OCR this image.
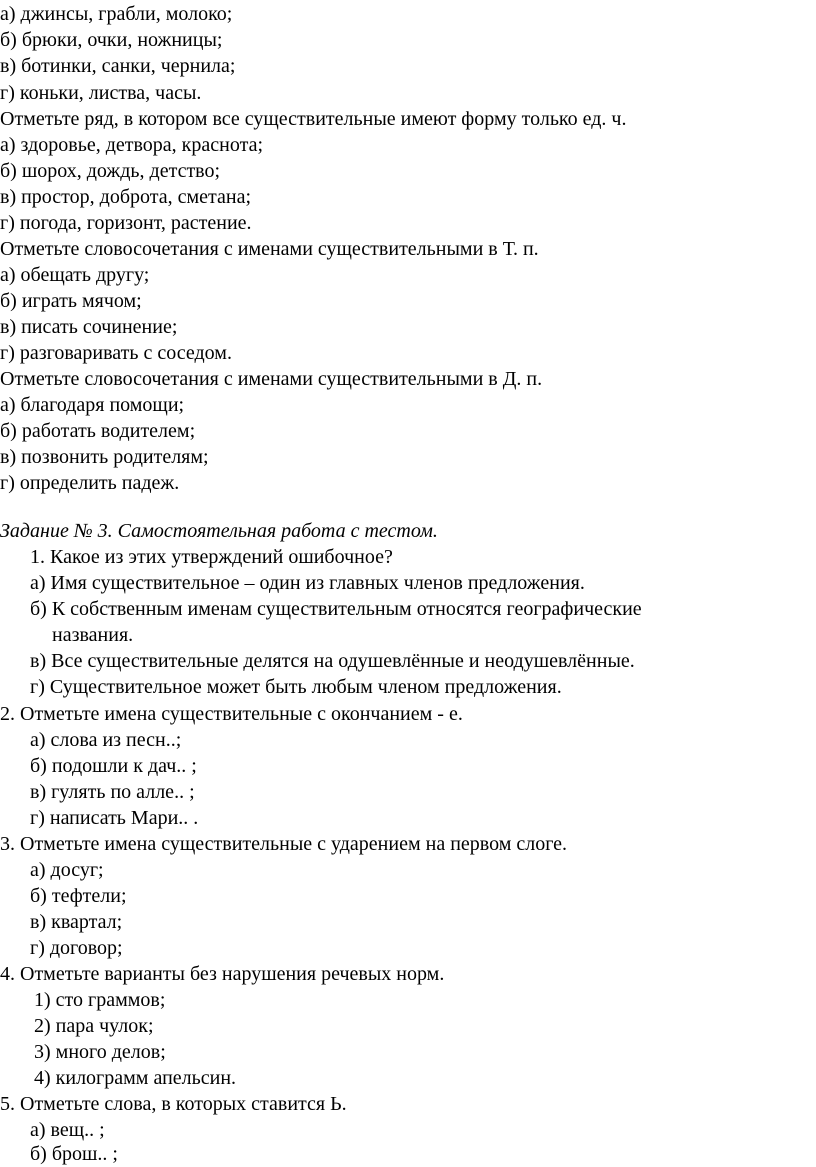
а) джинсы, грабли, молоко;
б) брюки, очки, ножницы;
в) ботинки, санки, чернила;
г) коньки, листва, часы.
Отметьте ряд, в котором все существительные имеют форму только ед. ч.
а) здоровье, детвора, краснота;
б) шорох, дождь, детство;
в) простор, доброта, сметана;
г) погода, горизонт, растение.
Отметьте словосочетания с именами существительными в Т. п.
а) обещать другу;
б) играть мячом;
в) писать сочинение;
г) разговаривать с соседом.
Отметьте словосочетания с именами существительными в Д. п.
а) благодаря помощи;
б) работать водителем;
в) позвонить родителям;
г) определить падеж.
Задание № 3. Самостоятельная работа с тестом.
1. Какое из этих утверждений ошибочное?
а) Имя существительное – один из главных членов предложения.
б) К собственным именам существительным относятся географические
названия.
в) Все существительные делятся на одушевлённые и неодушевлённые.
г) Существительное может быть любым членом предложения.
2. Отметьте имена существительные с окончанием - е.
а) слова из песн..;
б) подошли к дач.. ;
в) гулять по алле.. ;
г) написать Мари.. .
3. Отметьте имена существительные с ударением на первом слоге.
а) досуг;
б) тефтели;
в) квартал;
г) договор;
4. Отметьте варианты без нарушения речевых норм.
1) сто граммов;
2) пара чулок;
3) много делов;
4) килограмм апельсин.
5. Отметьте слова, в которых ставится Ь.
а) вещ.. ;
б) брош.. ;
